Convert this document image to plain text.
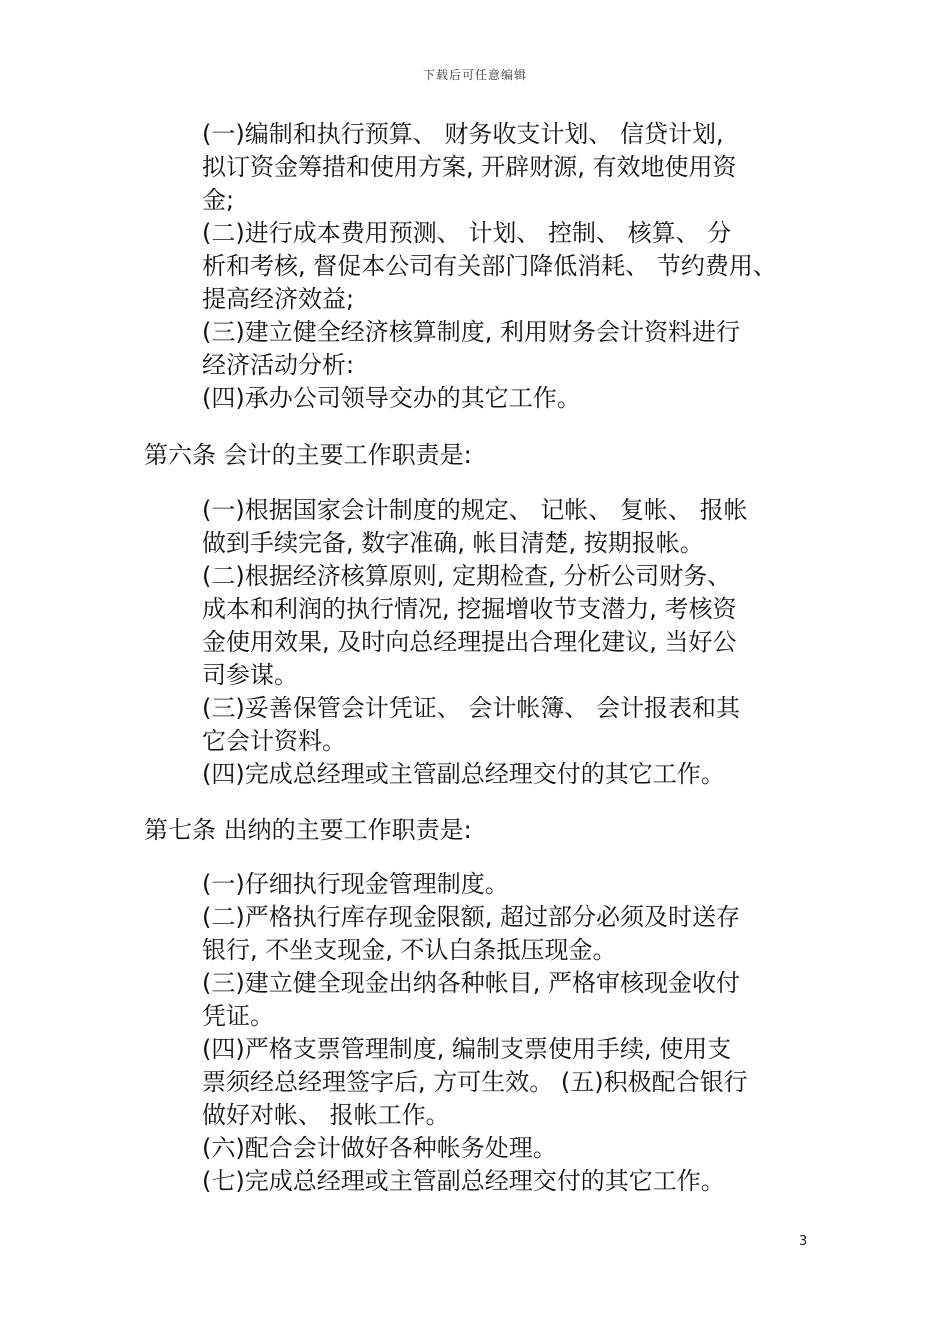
下载后可任意编辑
(一)编制和执行预算、 财务收支计划、 信贷计划,
拟订资金筹措和使用方案, 开辟财源, 有效地使用资
金;
(二)进行成本费用预测、 计划、 控制、 核算、 分
析和考核, 督促本公司有关部门降低消耗、 节约费用、
提高经济效益;
(三)建立健全经济核算制度, 利用财务会计资料进行
经济活动分析:
(四)承办公司领导交办的其它工作。
第六条 会计的主要工作职责是:
(一)根据国家会计制度的规定、 记帐、 复帐、 报帐
做到手续完备, 数字准确, 帐目清楚, 按期报帐。
(二)根据经济核算原则, 定期检查, 分析公司财务、
成本和利润的执行情况, 挖掘增收节支潜力, 考核资
金使用效果, 及时向总经理提出合理化建议, 当好公
司参谋。
(三)妥善保管会计凭证、 会计帐簿、 会计报表和其
它会计资料。
(四)完成总经理或主管副总经理交付的其它工作。
第七条 出纳的主要工作职责是:
(一)仔细执行现金管理制度。
(二)严格执行库存现金限额, 超过部分必须及时送存
银行, 不坐支现金, 不认白条抵压现金。
(三)建立健全现金出纳各种帐目, 严格审核现金收付
凭证。
(四)严格支票管理制度, 编制支票使用手续, 使用支
票须经总经理签字后, 方可生效。 (五)积极配合银行
做好对帐、 报帐工作。
(六)配合会计做好各种帐务处理。
(七)完成总经理或主管副总经理交付的其它工作。
3
